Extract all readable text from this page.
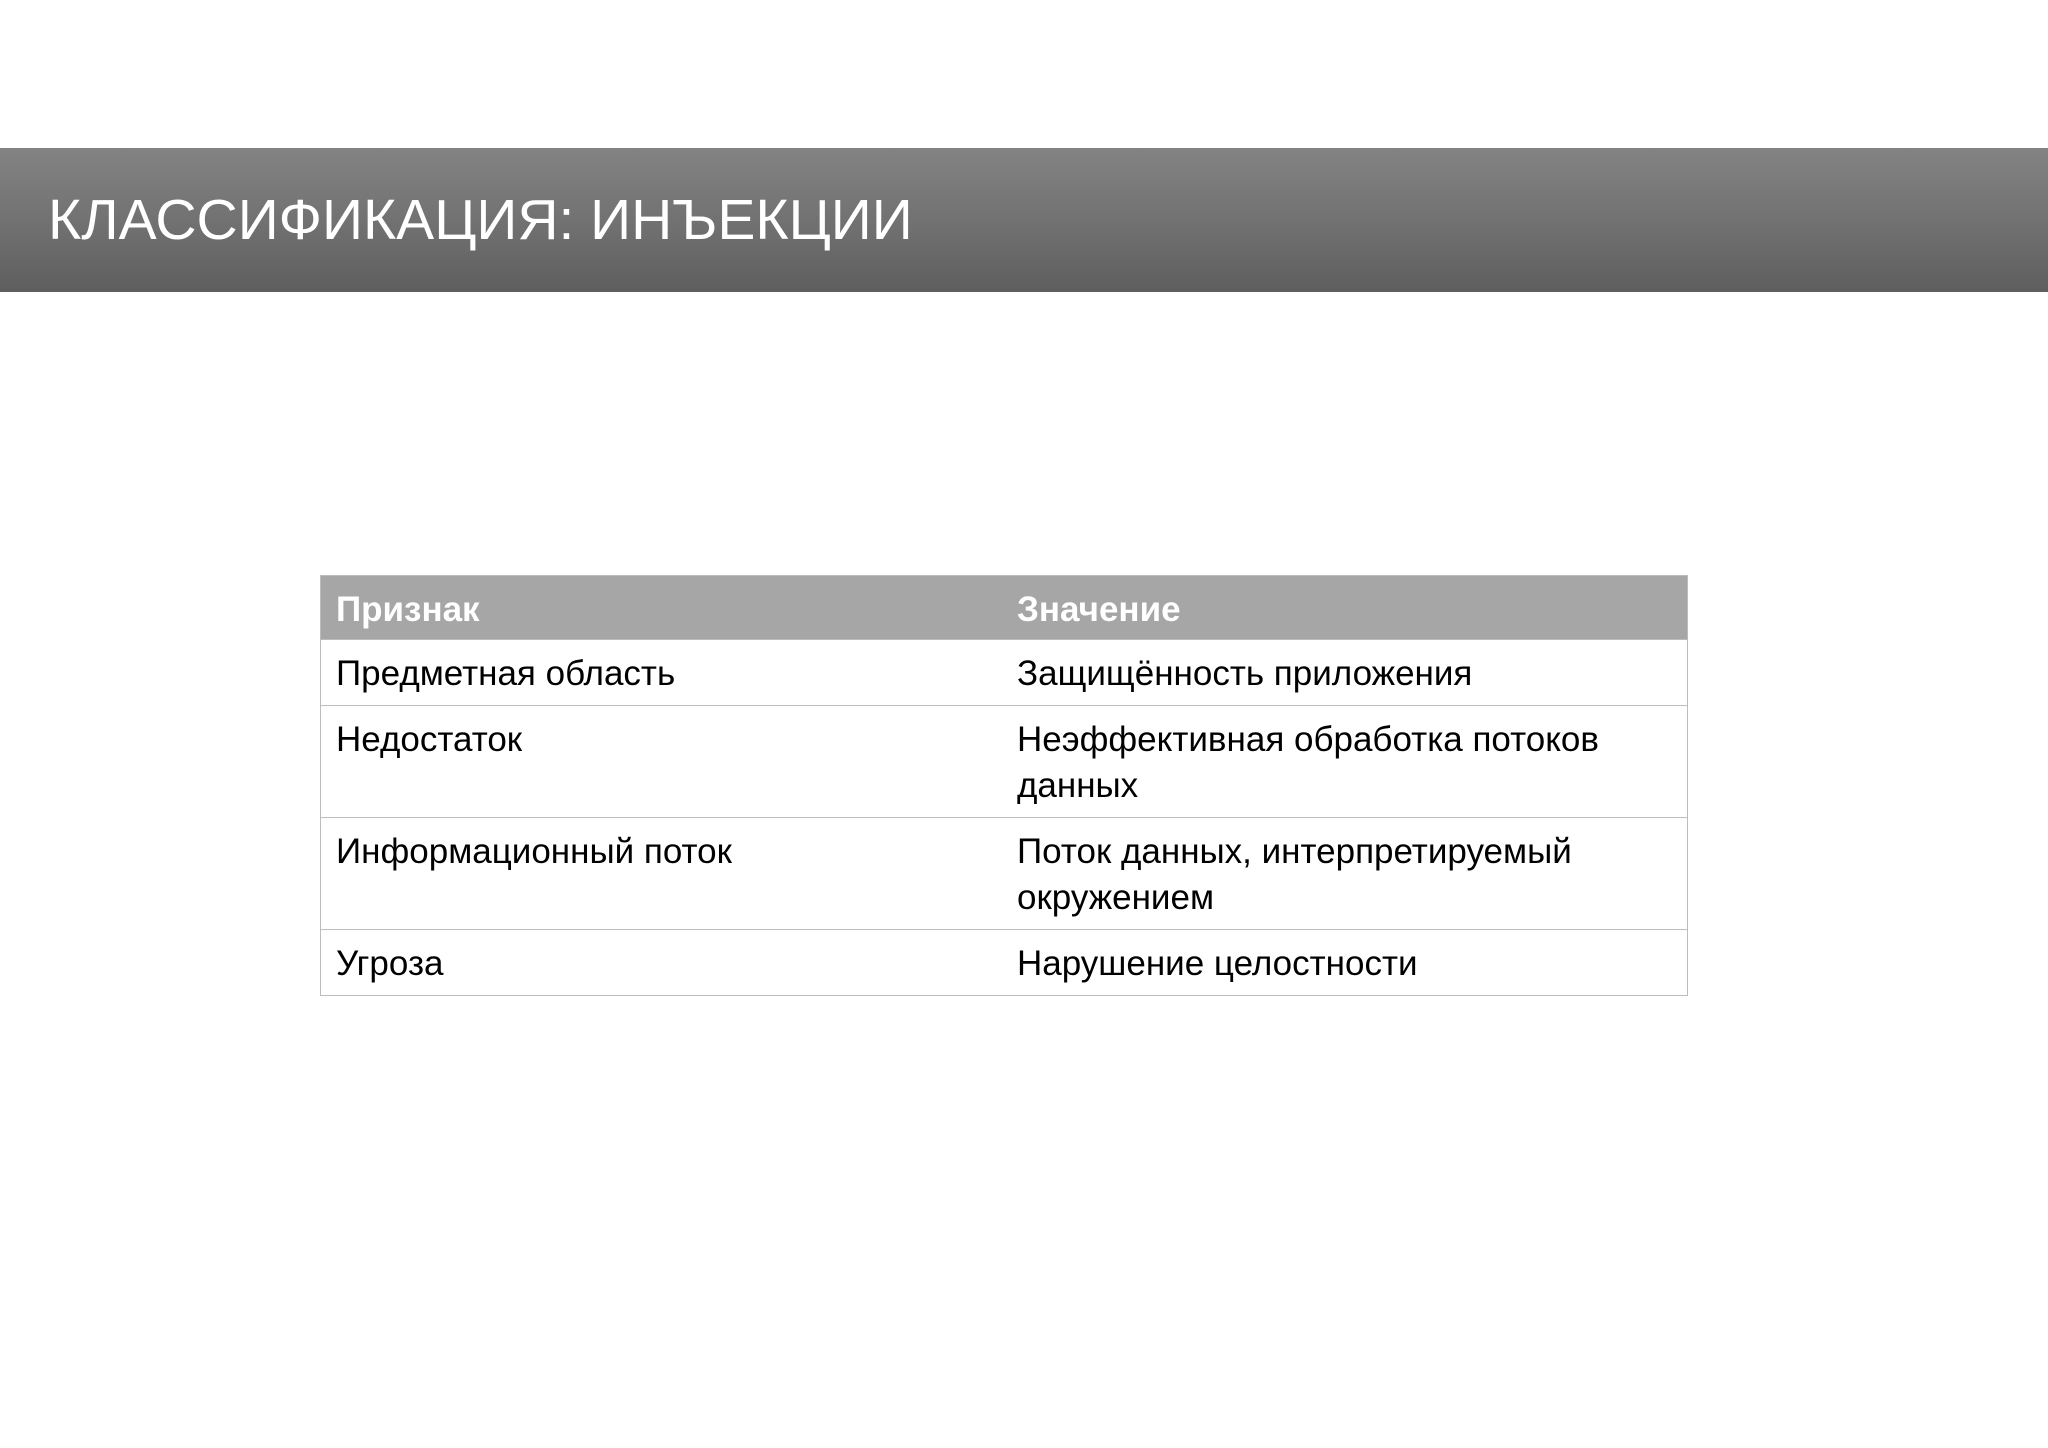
КЛАССИФИКАЦИЯ: ИНЪЕКЦИИ
Признак	Значение
Предметная область	Защищённость приложения
Недостаток	Неэффективная обработка потоков данных
Информационный поток	Поток данных, интерпретируемый окружением
Угроза	Нарушение целостности
